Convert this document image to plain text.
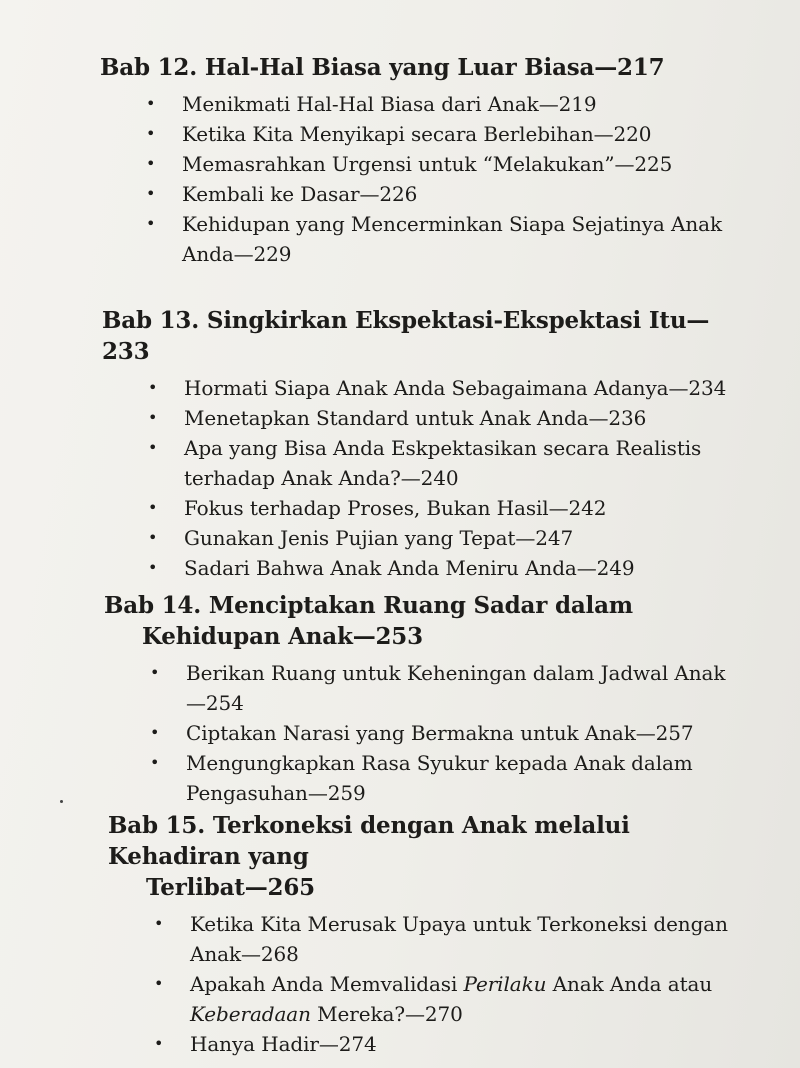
Bab 12. Hal-Hal Biasa yang Luar Biasa—217
• Menikmati Hal-Hal Biasa dari Anak—219
• Ketika Kita Menyikapi secara Berlebihan—220
• Memasrahkan Urgensi untuk “Melakukan”—225
• Kembali ke Dasar—226
• Kehidupan yang Mencerminkan Siapa Sejatinya Anak
Anda—229
Bab 13. Singkirkan Ekspektasi-Ekspektasi Itu—233
• Hormati Siapa Anak Anda Sebagaimana Adanya—234
• Menetapkan Standard untuk Anak Anda—236
• Apa yang Bisa Anda Eskpektasikan secara Realistis
terhadap Anak Anda?—240
• Fokus terhadap Proses, Bukan Hasil—242
• Gunakan Jenis Pujian yang Tepat—247
• Sadari Bahwa Anak Anda Meniru Anda—249
Bab 14. Menciptakan Ruang Sadar dalam
Kehidupan Anak—253
• Berikan Ruang untuk Keheningan dalam Jadwal Anak—254
• Ciptakan Narasi yang Bermakna untuk Anak—257
• Mengungkapkan Rasa Syukur kepada Anak dalam
Pengasuhan—259
Bab 15. Terkoneksi dengan Anak melalui Kehadiran yang
Terlibat—265
• Ketika Kita Merusak Upaya untuk Terkoneksi dengan
Anak—268
• Apakah Anda Memvalidasi Perilaku Anak Anda atau
Keberadaan Mereka?—270
• Hanya Hadir—274
